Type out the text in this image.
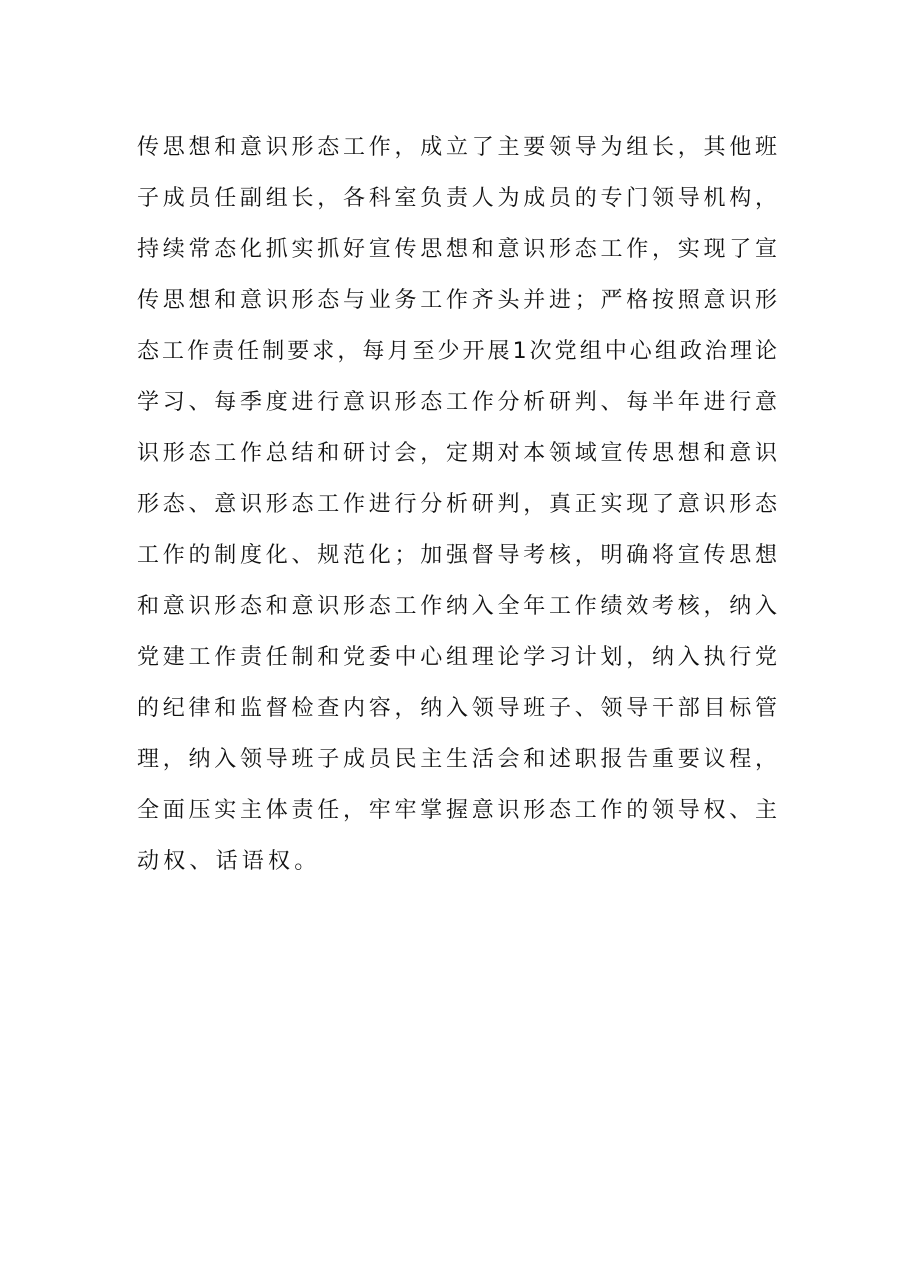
传思想和意识形态工作，成立了主要领导为组长，其他班
子成员任副组长，各科室负责人为成员的专门领导机构，
持续常态化抓实抓好宣传思想和意识形态工作，实现了宣
传思想和意识形态与业务工作齐头并进；严格按照意识形
态工作责任制要求，每月至少开展1次党组中心组政治理论
学习、每季度进行意识形态工作分析研判、每半年进行意
识形态工作总结和研讨会，定期对本领域宣传思想和意识
形态、意识形态工作进行分析研判，真正实现了意识形态
工作的制度化、规范化；加强督导考核，明确将宣传思想
和意识形态和意识形态工作纳入全年工作绩效考核，纳入
党建工作责任制和党委中心组理论学习计划，纳入执行党
的纪律和监督检查内容，纳入领导班子、领导干部目标管
理，纳入领导班子成员民主生活会和述职报告重要议程，
全面压实主体责任，牢牢掌握意识形态工作的领导权、主
动权、话语权。
